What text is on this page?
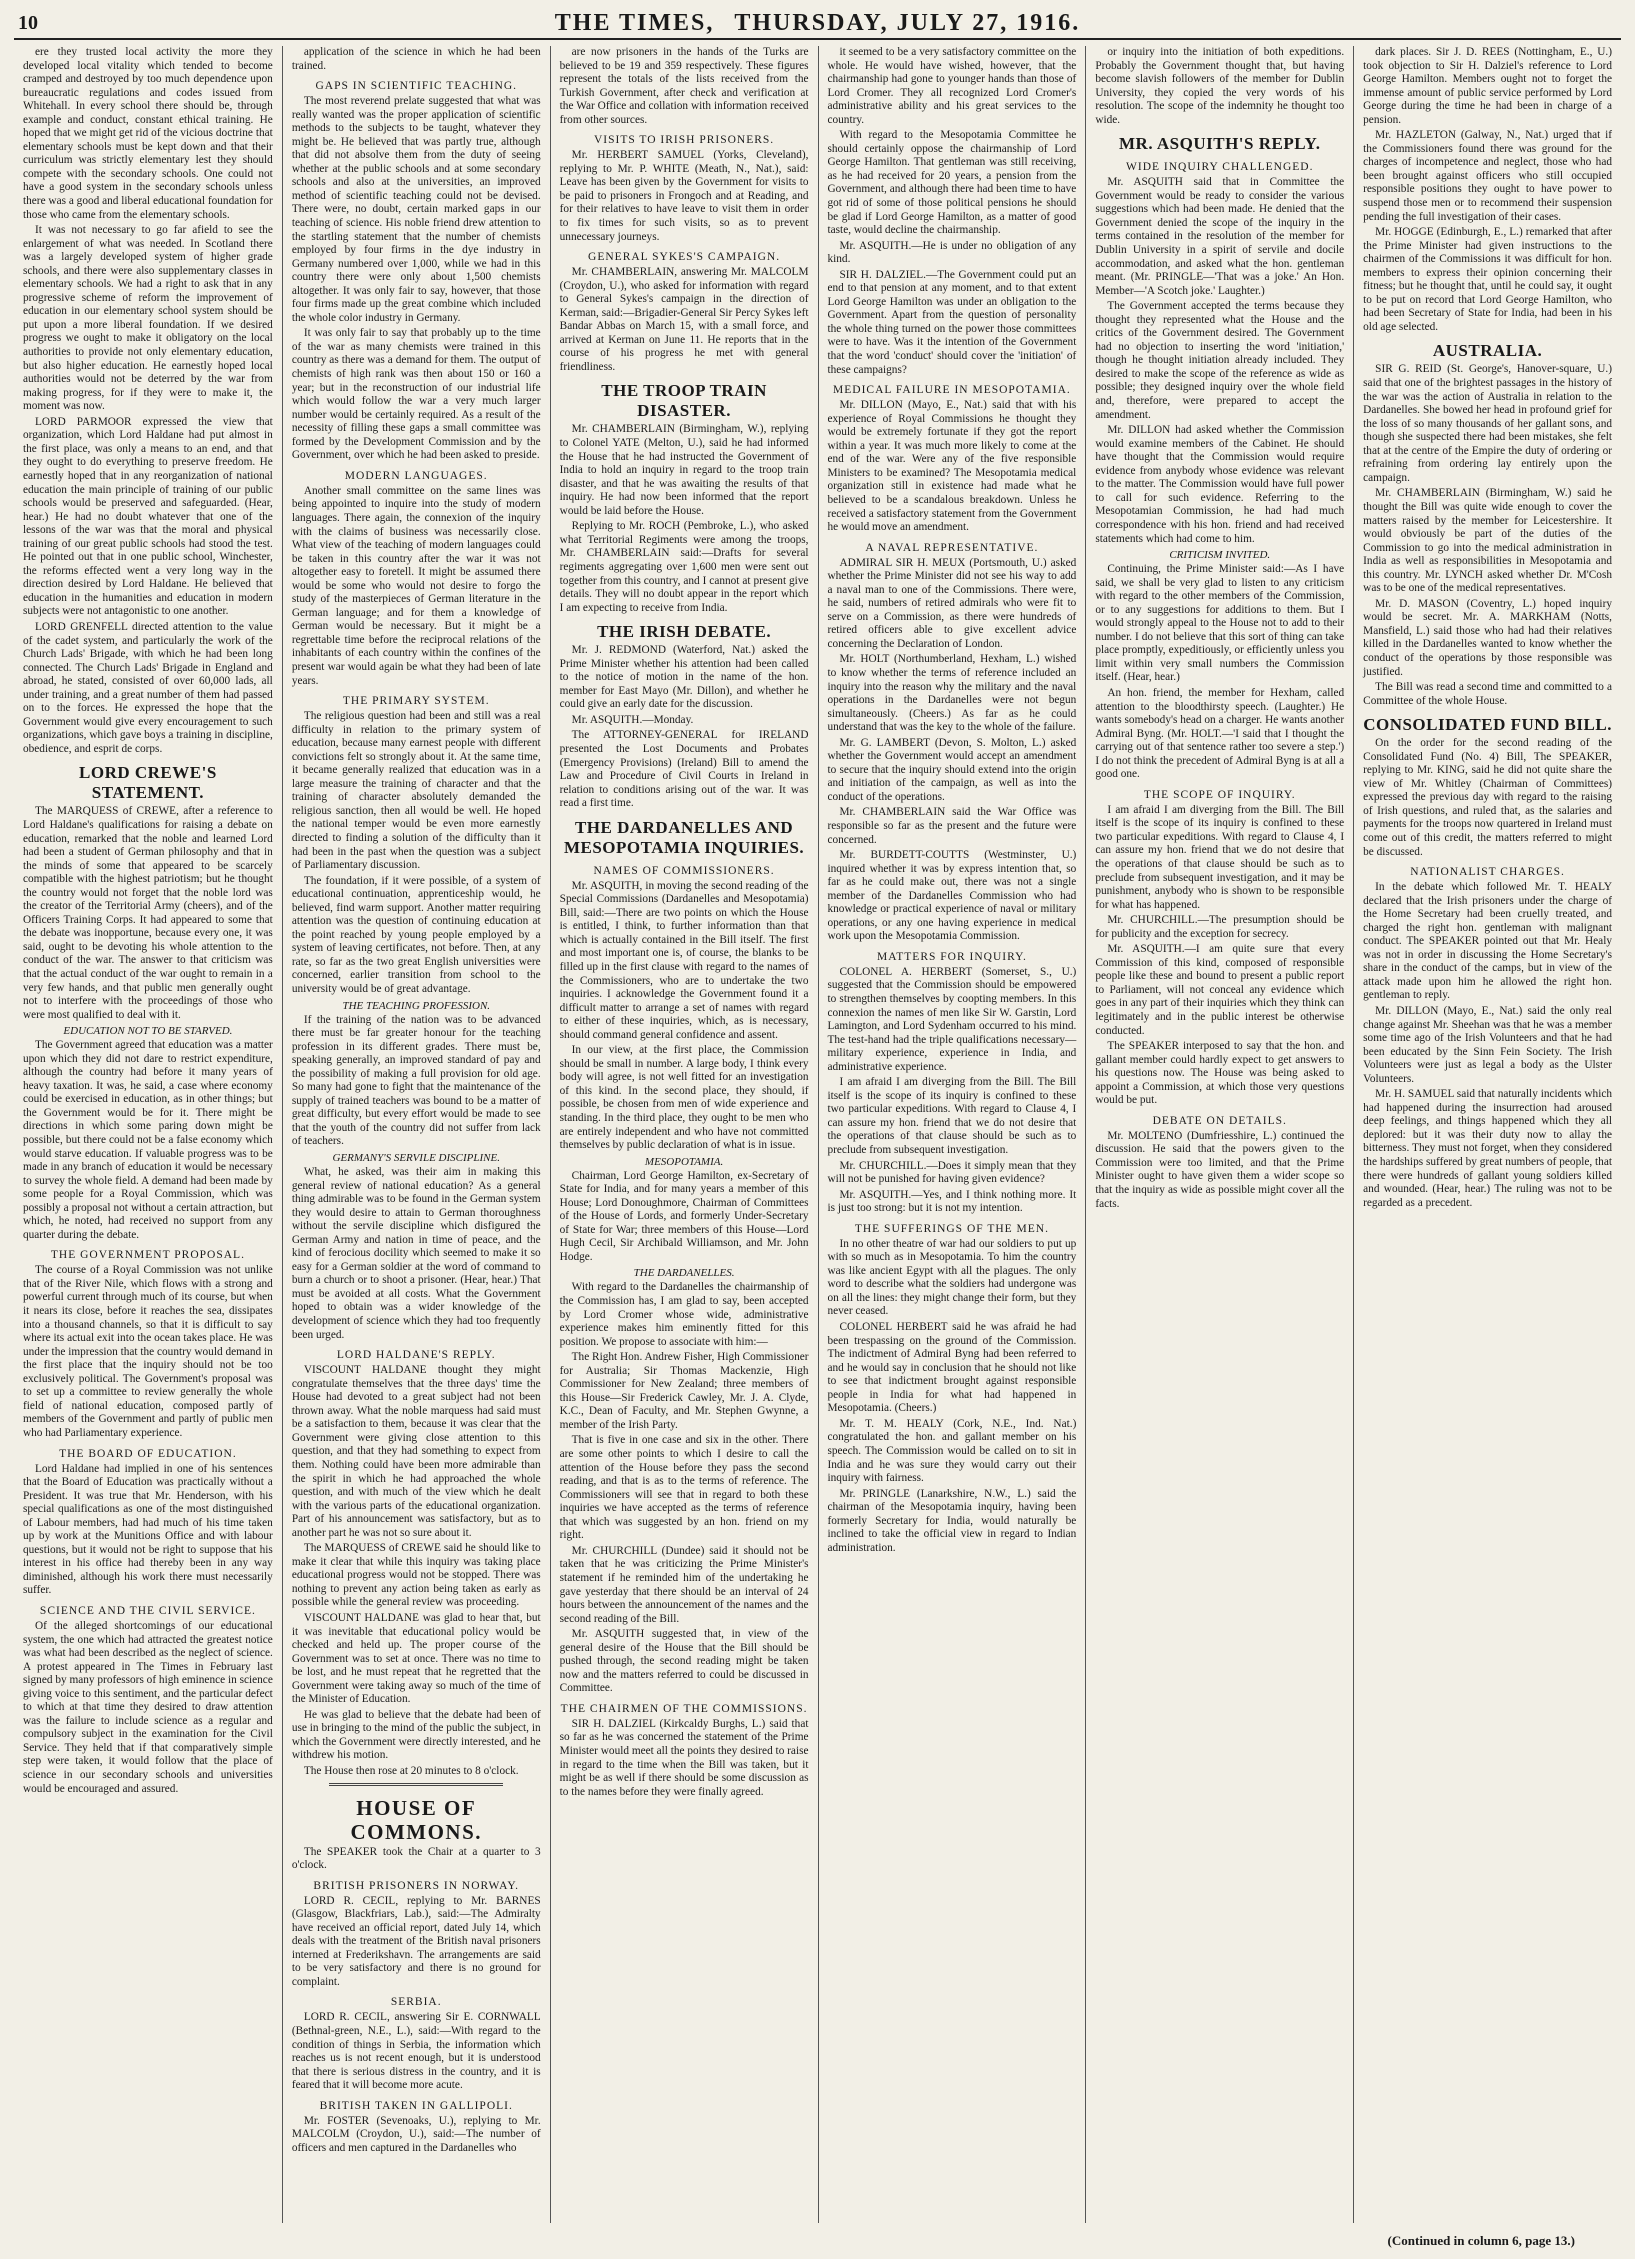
10	THE TIMES, THURSDAY, JULY 27, 1916.

ere they trusted local activity the more they developed local vitality which tended to become cramped and destroyed by too much dependence upon bureaucratic regulations and codes issued from Whitehall. In every school there should be, through example and conduct, constant ethical training. He hoped that we might get rid of the vicious doctrine that elementary schools must be kept down and that their curriculum was strictly elementary lest they should compete with the secondary schools. One could not have a good system in the secondary schools unless there was a good and liberal educational foundation for those who came from the elementary schools.

It was not necessary to go far afield to see the enlargement of what was needed. In Scotland there was a largely developed system of higher grade schools, and there were also supplementary classes in elementary schools. We had a right to ask that in any progressive scheme of reform the improvement of education in our elementary school system should be put upon a more liberal foundation. If we desired progress we ought to make it obligatory on the local authorities to provide not only elementary education, but also higher education. He earnestly hoped local authorities would not be deterred by the war from making progress, for if they were to make it, the moment was now.

LORD PARMOOR expressed the view that organization, which Lord Haldane had put almost in the first place, was only a means to an end, and that they ought to do everything to preserve freedom. He earnestly hoped that in any reorganization of national education the main principle of training of our public schools would be preserved and safeguarded. (Hear, hear.) He had no doubt whatever that one of the lessons of the war was that the moral and physical training of our great public schools had stood the test. He pointed out that in one public school, Winchester, the reforms effected went a very long way in the direction desired by Lord Haldane. He believed that education in the humanities and education in modern subjects were not antagonistic to one another.

LORD GRENFELL directed attention to the value of the cadet system, and particularly the work of the Church Lads' Brigade, with which he had been long connected. The Church Lads' Brigade in England and abroad, he stated, consisted of over 60,000 lads, all under training, and a great number of them had passed on to the forces. He expressed the hope that the Government would give every encouragement to such organizations, which gave boys a training in discipline, obedience, and esprit de corps.

LORD CREWE'S STATEMENT.

The MARQUESS of CREWE, after a reference to Lord Haldane's qualifications for raising a debate on education, remarked that the noble and learned Lord had been a student of German philosophy and that in the minds of some that appeared to be scarcely compatible with the highest patriotism; but he thought the country would not forget that the noble lord was the creator of the Territorial Army (cheers), and of the Officers Training Corps. It had appeared to some that the debate was inopportune, because every one, it was said, ought to be devoting his whole attention to the conduct of the war. The answer to that criticism was that the actual conduct of the war ought to remain in a very few hands, and that public men generally ought not to interfere with the proceedings of those who were most qualified to deal with it.

EDUCATION NOT TO BE STARVED.

The Government agreed that education was a matter upon which they did not dare to restrict expenditure, although the country had before it many years of heavy taxation. It was, he said, a case where economy could be exercised in education, as in other things; but the Government would be for it. There might be directions in which some paring down might be possible, but there could not be a false economy which would starve education. If valuable progress was to be made in any branch of education it would be necessary to survey the whole field. A demand had been made by some people for a Royal Commission, which was possibly a proposal not without a certain attraction, but which, he noted, had received no support from any quarter during the debate.

THE GOVERNMENT PROPOSAL.

The course of a Royal Commission was not unlike that of the River Nile, which flows with a strong and powerful current through much of its course, but when it nears its close, before it reaches the sea, dissipates into a thousand channels, so that it is difficult to say where its actual exit into the ocean takes place. He was under the impression that the country would demand in the first place that the inquiry should not be too exclusively political. The Government's proposal was to set up a committee to review generally the whole field of national education, composed partly of members of the Government and partly of public men who had Parliamentary experience.

THE BOARD OF EDUCATION.

Lord Haldane had implied in one of his sentences that the Board of Education was practically without a President. It was true that Mr. Henderson, with his special qualifications as one of the most distinguished of Labour members, had had much of his time taken up by work at the Munitions Office and with labour questions, but it would not be right to suppose that his interest in his office had thereby been in any way diminished, although his work there must necessarily suffer.

SCIENCE AND THE CIVIL SERVICE.

Of the alleged shortcomings of our educational system, the one which had attracted the greatest notice was what had been described as the neglect of science. A protest appeared in The Times in February last signed by many professors of high eminence in science giving voice to this sentiment, and the particular defect to which at that time they desired to draw attention was the failure to include science as a regular and compulsory subject in the examination for the Civil Service. They held that if that comparatively simple step were taken, it would follow that the place of science in our secondary schools and universities would be encouraged and assured.

application of the science in which he had been trained.

GAPS IN SCIENTIFIC TEACHING.

The most reverend prelate suggested that what was really wanted was the proper application of scientific methods to the subjects to be taught, whatever they might be. He believed that was partly true, although that did not absolve them from the duty of seeing whether at the public schools and at some secondary schools and also at the universities, an improved method of scientific teaching could not be devised. There were, no doubt, certain marked gaps in our teaching of science. His noble friend drew attention to the startling statement that the number of chemists employed by four firms in the dye industry in Germany numbered over 1,000, while we had in this country there were only about 1,500 chemists altogether. It was only fair to say, however, that those four firms made up the great combine which included the whole color industry in Germany.

It was only fair to say that probably up to the time of the war as many chemists were trained in this country as there was a demand for them. The output of chemists of high rank was then about 150 or 160 a year; but in the reconstruction of our industrial life which would follow the war a very much larger number would be certainly required. As a result of the necessity of filling these gaps a small committee was formed by the Development Commission and by the Government, over which he had been asked to preside.

MODERN LANGUAGES.

Another small committee on the same lines was being appointed to inquire into the study of modern languages. There again, the connexion of the inquiry with the claims of business was necessarily close. What view of the teaching of modern languages could be taken in this country after the war it was not altogether easy to foretell. It might be assumed there would be some who would not desire to forgo the study of the masterpieces of German literature in the German language; and for them a knowledge of German would be necessary. But it might be a regrettable time before the reciprocal relations of the inhabitants of each country within the confines of the present war would again be what they had been of late years.

THE PRIMARY SYSTEM.

The religious question had been and still was a real difficulty in relation to the primary system of education, because many earnest people with different convictions felt so strongly about it. At the same time, it became generally realized that education was in a large measure the training of character and that the training of character absolutely demanded the religious sanction, then all would be well. He hoped the national temper would be even more earnestly directed to finding a solution of the difficulty than it had been in the past when the question was a subject of Parliamentary discussion.

The foundation, if it were possible, of a system of educational continuation, apprenticeship would, he believed, find warm support. Another matter requiring attention was the question of continuing education at the point reached by young people employed by a system of leaving certificates, not before. Then, at any rate, so far as the two great English universities were concerned, earlier transition from school to the university would be of great advantage.

THE TEACHING PROFESSION.

If the training of the nation was to be advanced there must be far greater honour for the teaching profession in its different grades. There must be, speaking generally, an improved standard of pay and the possibility of making a full provision for old age. So many had gone to fight that the maintenance of the supply of trained teachers was bound to be a matter of great difficulty, but every effort would be made to see that the youth of the country did not suffer from lack of teachers.

GERMANY'S SERVILE DISCIPLINE.

What, he asked, was their aim in making this general review of national education? As a general thing admirable was to be found in the German system they would desire to attain to German thoroughness without the servile discipline which disfigured the German Army and nation in time of peace, and the kind of ferocious docility which seemed to make it so easy for a German soldier at the word of command to burn a church or to shoot a prisoner. (Hear, hear.) That must be avoided at all costs. What the Government hoped to obtain was a wider knowledge of the development of science which they had too frequently been urged.

LORD HALDANE'S REPLY.

VISCOUNT HALDANE thought they might congratulate themselves that the three days' time the House had devoted to a great subject had not been thrown away. What the noble marquess had said must be a satisfaction to them, because it was clear that the Government were giving close attention to this question, and that they had something to expect from them. Nothing could have been more admirable than the spirit in which he had approached the whole question, and with much of the view which he dealt with the various parts of the educational organization. Part of his announcement was satisfactory, but as to another part he was not so sure about it.

The MARQUESS of CREWE said he should like to make it clear that while this inquiry was taking place educational progress would not be stopped. There was nothing to prevent any action being taken as early as possible while the general review was proceeding.

VISCOUNT HALDANE was glad to hear that, but it was inevitable that educational policy would be checked and held up. The proper course of the Government was to set at once. There was no time to be lost, and he must repeat that he regretted that the Government were taking away so much of the time of the Minister of Education.

He was glad to believe that the debate had been of use in bringing to the mind of the public the subject, in which the Government were directly interested, and he withdrew his motion.

The House then rose at 20 minutes to 8 o'clock.

HOUSE OF COMMONS.

The SPEAKER took the Chair at a quarter to 3 o'clock.

BRITISH PRISONERS IN NORWAY.

LORD R. CECIL, replying to Mr. BARNES (Glasgow, Blackfriars, Lab.), said:—The Admiralty have received an official report, dated July 14, which deals with the treatment of the British naval prisoners interned at Frederikshavn. The arrangements are said to be very satisfactory and there is no ground for complaint.

SERBIA.

LORD R. CECIL, answering Sir E. CORNWALL (Bethnal-green, N.E., L.), said:—With regard to the condition of things in Serbia, the information which reaches us is not recent enough, but it is understood that there is serious distress in the country, and it is feared that it will become more acute.

BRITISH TAKEN IN GALLIPOLI.

Mr. FOSTER (Sevenoaks, U.), replying to Mr. MALCOLM (Croydon, U.), said:—The number of officers and men captured in the Dardanelles who

are now prisoners in the hands of the Turks are believed to be 19 and 359 respectively. These figures represent the totals of the lists received from the Turkish Government, after check and verification at the War Office and collation with information received from other sources.

VISITS TO IRISH PRISONERS.

Mr. HERBERT SAMUEL (Yorks, Cleveland), replying to Mr. P. WHITE (Meath, N., Nat.), said: Leave has been given by the Government for visits to be paid to prisoners in Frongoch and at Reading, and for their relatives to have leave to visit them in order to fix times for such visits, so as to prevent unnecessary journeys.

GENERAL SYKES'S CAMPAIGN.

Mr. CHAMBERLAIN, answering Mr. MALCOLM (Croydon, U.), who asked for information with regard to General Sykes's campaign in the direction of Kerman, said:—Brigadier-General Sir Percy Sykes left Bandar Abbas on March 15, with a small force, and arrived at Kerman on June 11. He reports that in the course of his progress he met with general friendliness.

THE TROOP TRAIN DISASTER.

Mr. CHAMBERLAIN (Birmingham, W.), replying to Colonel YATE (Melton, U.), said he had informed the House that he had instructed the Government of India to hold an inquiry in regard to the troop train disaster, and that he was awaiting the results of that inquiry. He had now been informed that the report would be laid before the House.

Replying to Mr. ROCH (Pembroke, L.), who asked what Territorial Regiments were among the troops, Mr. CHAMBERLAIN said:—Drafts for several regiments aggregating over 1,600 men were sent out together from this country, and I cannot at present give details. They will no doubt appear in the report which I am expecting to receive from India.

THE IRISH DEBATE.

Mr. J. REDMOND (Waterford, Nat.) asked the Prime Minister whether his attention had been called to the notice of motion in the name of the hon. member for East Mayo (Mr. Dillon), and whether he could give an early date for the discussion.

Mr. ASQUITH.—Monday.

The ATTORNEY-GENERAL for IRELAND presented the Lost Documents and Probates (Emergency Provisions) (Ireland) Bill to amend the Law and Procedure of Civil Courts in Ireland in relation to conditions arising out of the war. It was read a first time.

THE DARDANELLES AND MESOPOTAMIA INQUIRIES.
NAMES OF COMMISSIONERS.

Mr. ASQUITH, in moving the second reading of the Special Commissions (Dardanelles and Mesopotamia) Bill, said:—There are two points on which the House is entitled, I think, to further information than that which is actually contained in the Bill itself. The first and most important one is, of course, the blanks to be filled up in the first clause with regard to the names of the Commissioners, who are to undertake the two inquiries. I acknowledge the Government found it a difficult matter to arrange a set of names with regard to either of these inquiries, which, as is necessary, should command general confidence and assent.

In our view, at the first place, the Commission should be small in number. A large body, I think every body will agree, is not well fitted for an investigation of this kind. In the second place, they should, if possible, be chosen from men of wide experience and standing. In the third place, they ought to be men who are entirely independent and who have not committed themselves by public declaration of what is in issue.

MESOPOTAMIA.

Chairman, Lord George Hamilton, ex-Secretary of State for India, and for many years a member of this House; Lord Donoughmore, Chairman of Committees of the House of Lords, and formerly Under-Secretary of State for War; three members of this House—Lord Hugh Cecil, Sir Archibald Williamson, and Mr. John Hodge.

THE DARDANELLES.

With regard to the Dardanelles the chairmanship of the Commission has, I am glad to say, been accepted by Lord Cromer whose wide, administrative experience makes him eminently fitted for this position. We propose to associate with him:—

The Right Hon. Andrew Fisher, High Commissioner for Australia; Sir Thomas Mackenzie, High Commissioner for New Zealand; three members of this House—Sir Frederick Cawley, Mr. J. A. Clyde, K.C., Dean of Faculty, and Mr. Stephen Gwynne, a member of the Irish Party.

That is five in one case and six in the other. There are some other points to which I desire to call the attention of the House before they pass the second reading, and that is as to the terms of reference. The Commissioners will see that in regard to both these inquiries we have accepted as the terms of reference that which was suggested by an hon. friend on my right.

Mr. CHURCHILL (Dundee) said it should not be taken that he was criticizing the Prime Minister's statement if he reminded him of the undertaking he gave yesterday that there should be an interval of 24 hours between the announcement of the names and the second reading of the Bill.

Mr. ASQUITH suggested that, in view of the general desire of the House that the Bill should be pushed through, the second reading might be taken now and the matters referred to could be discussed in Committee.

THE CHAIRMEN OF THE COMMISSIONS.

SIR H. DALZIEL (Kirkcaldy Burghs, L.) said that so far as he was concerned the statement of the Prime Minister would meet all the points they desired to raise in regard to the time when the Bill was taken, but it might be as well if there should be some discussion as to the names before they were finally agreed.

it seemed to be a very satisfactory committee on the whole. He would have wished, however, that the chairmanship had gone to younger hands than those of Lord Cromer. They all recognized Lord Cromer's administrative ability and his great services to the country.

With regard to the Mesopotamia Committee he should certainly oppose the chairmanship of Lord George Hamilton. That gentleman was still receiving, as he had received for 20 years, a pension from the Government, and although there had been time to have got rid of some of those political pensions he should be glad if Lord George Hamilton, as a matter of good taste, would decline the chairmanship.

Mr. ASQUITH.—He is under no obligation of any kind.

SIR H. DALZIEL.—The Government could put an end to that pension at any moment, and to that extent Lord George Hamilton was under an obligation to the Government. Apart from the question of personality the whole thing turned on the power those committees were to have. Was it the intention of the Government that the word 'conduct' should cover the 'initiation' of these campaigns?

MEDICAL FAILURE IN MESOPOTAMIA.

Mr. DILLON (Mayo, E., Nat.) said that with his experience of Royal Commissions he thought they would be extremely fortunate if they got the report within a year. It was much more likely to come at the end of the war. Were any of the five responsible Ministers to be examined? The Mesopotamia medical organization still in existence had made what he believed to be a scandalous breakdown. Unless he received a satisfactory statement from the Government he would move an amendment.

A NAVAL REPRESENTATIVE.

ADMIRAL SIR H. MEUX (Portsmouth, U.) asked whether the Prime Minister did not see his way to add a naval man to one of the Commissions. There were, he said, numbers of retired admirals who were fit to serve on a Commission, as there were hundreds of retired officers able to give excellent advice concerning the Declaration of London.

Mr. HOLT (Northumberland, Hexham, L.) wished to know whether the terms of reference included an inquiry into the reason why the military and the naval operations in the Dardanelles were not begun simultaneously. (Cheers.) As far as he could understand that was the key to the whole of the failure.

Mr. G. LAMBERT (Devon, S. Molton, L.) asked whether the Government would accept an amendment to secure that the inquiry should extend into the origin and initiation of the campaign, as well as into the conduct of the operations.

Mr. CHAMBERLAIN said the War Office was responsible so far as the present and the future were concerned.

Mr. BURDETT-COUTTS (Westminster, U.) inquired whether it was by express intention that, so far as he could make out, there was not a single member of the Dardanelles Commission who had knowledge or practical experience of naval or military operations, or any one having experience in medical work upon the Mesopotamia Commission.

MATTERS FOR INQUIRY.

COLONEL A. HERBERT (Somerset, S., U.) suggested that the Commission should be empowered to strengthen themselves by coopting members. In this connexion the names of men like Sir W. Garstin, Lord Lamington, and Lord Sydenham occurred to his mind. The test-hand had the triple qualifications necessary—military experience, experience in India, and administrative experience.

I am afraid I am diverging from the Bill. The Bill itself is the scope of its inquiry is confined to these two particular expeditions. With regard to Clause 4, I can assure my hon. friend that we do not desire that the operations of that clause should be such as to preclude from subsequent investigation.

Mr. CHURCHILL.—Does it simply mean that they will not be punished for having given evidence?

Mr. ASQUITH.—Yes, and I think nothing more. It is just too strong: but it is not my intention.

THE SUFFERINGS OF THE MEN.

In no other theatre of war had our soldiers to put up with so much as in Mesopotamia. To him the country was like ancient Egypt with all the plagues. The only word to describe what the soldiers had undergone was on all the lines: they might change their form, but they never ceased.

COLONEL HERBERT said he was afraid he had been trespassing on the ground of the Commission. The indictment of Admiral Byng had been referred to and he would say in conclusion that he should not like to see that indictment brought against responsible people in India for what had happened in Mesopotamia. (Cheers.)

Mr. T. M. HEALY (Cork, N.E., Ind. Nat.) congratulated the hon. and gallant member on his speech. The Commission would be called on to sit in India and he was sure they would carry out their inquiry with fairness.

Mr. PRINGLE (Lanarkshire, N.W., L.) said the chairman of the Mesopotamia inquiry, having been formerly Secretary for India, would naturally be inclined to take the official view in regard to Indian administration.

or inquiry into the initiation of both expeditions. Probably the Government thought that, but having become slavish followers of the member for Dublin University, they copied the very words of his resolution. The scope of the indemnity he thought too wide.

MR. ASQUITH'S REPLY.
WIDE INQUIRY CHALLENGED.

Mr. ASQUITH said that in Committee the Government would be ready to consider the various suggestions which had been made. He denied that the Government denied the scope of the inquiry in the terms contained in the resolution of the member for Dublin University in a spirit of servile and docile accommodation, and asked what the hon. gentleman meant. (Mr. PRINGLE—'That was a joke.' An Hon. Member—'A Scotch joke.' Laughter.)

The Government accepted the terms because they thought they represented what the House and the critics of the Government desired. The Government had no objection to inserting the word 'initiation,' though he thought initiation already included. They desired to make the scope of the reference as wide as possible; they designed inquiry over the whole field and, therefore, were prepared to accept the amendment.

Mr. DILLON had asked whether the Commission would examine members of the Cabinet. He should have thought that the Commission would require evidence from anybody whose evidence was relevant to the matter. The Commission would have full power to call for such evidence. Referring to the Mesopotamian Commission, he had had much correspondence with his hon. friend and had received statements which had come to him.

CRITICISM INVITED.

Continuing, the Prime Minister said:—As I have said, we shall be very glad to listen to any criticism with regard to the other members of the Commission, or to any suggestions for additions to them. But I would strongly appeal to the House not to add to their number. I do not believe that this sort of thing can take place promptly, expeditiously, or efficiently unless you limit within very small numbers the Commission itself. (Hear, hear.)

An hon. friend, the member for Hexham, called attention to the bloodthirsty speech. (Laughter.) He wants somebody's head on a charger. He wants another Admiral Byng. (Mr. HOLT.—'I said that I thought the carrying out of that sentence rather too severe a step.') I do not think the precedent of Admiral Byng is at all a good one.

THE SCOPE OF INQUIRY.

I am afraid I am diverging from the Bill. The Bill itself is the scope of its inquiry is confined to these two particular expeditions. With regard to Clause 4, I can assure my hon. friend that we do not desire that the operations of that clause should be such as to preclude from subsequent investigation, and it may be punishment, anybody who is shown to be responsible for what has happened.

Mr. CHURCHILL.—The presumption should be for publicity and the exception for secrecy.

Mr. ASQUITH.—I am quite sure that every Commission of this kind, composed of responsible people like these and bound to present a public report to Parliament, will not conceal any evidence which goes in any part of their inquiries which they think can legitimately and in the public interest be otherwise conducted.

The SPEAKER interposed to say that the hon. and gallant member could hardly expect to get answers to his questions now. The House was being asked to appoint a Commission, at which those very questions would be put.

DEBATE ON DETAILS.

Mr. MOLTENO (Dumfriesshire, L.) continued the discussion. He said that the powers given to the Commission were too limited, and that the Prime Minister ought to have given them a wider scope so that the inquiry as wide as possible might cover all the facts.

dark places. Sir J. D. REES (Nottingham, E., U.) took objection to Sir H. Dalziel's reference to Lord George Hamilton. Members ought not to forget the immense amount of public service performed by Lord George during the time he had been in charge of a pension.

Mr. HAZLETON (Galway, N., Nat.) urged that if the Commissioners found there was ground for the charges of incompetence and neglect, those who had been brought against officers who still occupied responsible positions they ought to have power to suspend those men or to recommend their suspension pending the full investigation of their cases.

Mr. HOGGE (Edinburgh, E., L.) remarked that after the Prime Minister had given instructions to the chairmen of the Commissions it was difficult for hon. members to express their opinion concerning their fitness; but he thought that, until he could say, it ought to be put on record that Lord George Hamilton, who had been Secretary of State for India, had been in his old age selected.

AUSTRALIA.

SIR G. REID (St. George's, Hanover-square, U.) said that one of the brightest passages in the history of the war was the action of Australia in relation to the Dardanelles. She bowed her head in profound grief for the loss of so many thousands of her gallant sons, and though she suspected there had been mistakes, she felt that at the centre of the Empire the duty of ordering or refraining from ordering lay entirely upon the campaign.

Mr. CHAMBERLAIN (Birmingham, W.) said he thought the Bill was quite wide enough to cover the matters raised by the member for Leicestershire. It would obviously be part of the duties of the Commission to go into the medical administration in India as well as responsibilities in Mesopotamia and this country. Mr. LYNCH asked whether Dr. M'Cosh was to be one of the medical representatives.

Mr. D. MASON (Coventry, L.) hoped inquiry would be secret. Mr. A. MARKHAM (Notts, Mansfield, L.) said those who had had their relatives killed in the Dardanelles wanted to know whether the conduct of the operations by those responsible was justified.

The Bill was read a second time and committed to a Committee of the whole House.

CONSOLIDATED FUND BILL.

On the order for the second reading of the Consolidated Fund (No. 4) Bill, The SPEAKER, replying to Mr. KING, said he did not quite share the view of Mr. Whitley (Chairman of Committees) expressed the previous day with regard to the raising of Irish questions, and ruled that, as the salaries and payments for the troops now quartered in Ireland must come out of this credit, the matters referred to might be discussed.

NATIONALIST CHARGES.

In the debate which followed Mr. T. HEALY declared that the Irish prisoners under the charge of the Home Secretary had been cruelly treated, and charged the right hon. gentleman with malignant conduct. The SPEAKER pointed out that Mr. Healy was not in order in discussing the Home Secretary's share in the conduct of the camps, but in view of the attack made upon him he allowed the right hon. gentleman to reply.

Mr. DILLON (Mayo, E., Nat.) said the only real change against Mr. Sheehan was that he was a member some time ago of the Irish Volunteers and that he had been educated by the Sinn Fein Society. The Irish Volunteers were just as legal a body as the Ulster Volunteers.

Mr. H. SAMUEL said that naturally incidents which had happened during the insurrection had aroused deep feelings, and things happened which they all deplored: but it was their duty now to allay the bitterness. They must not forget, when they considered the hardships suffered by great numbers of people, that there were hundreds of gallant young soldiers killed and wounded. (Hear, hear.) The ruling was not to be regarded as a precedent.

(Continued in column 6, page 13.)
